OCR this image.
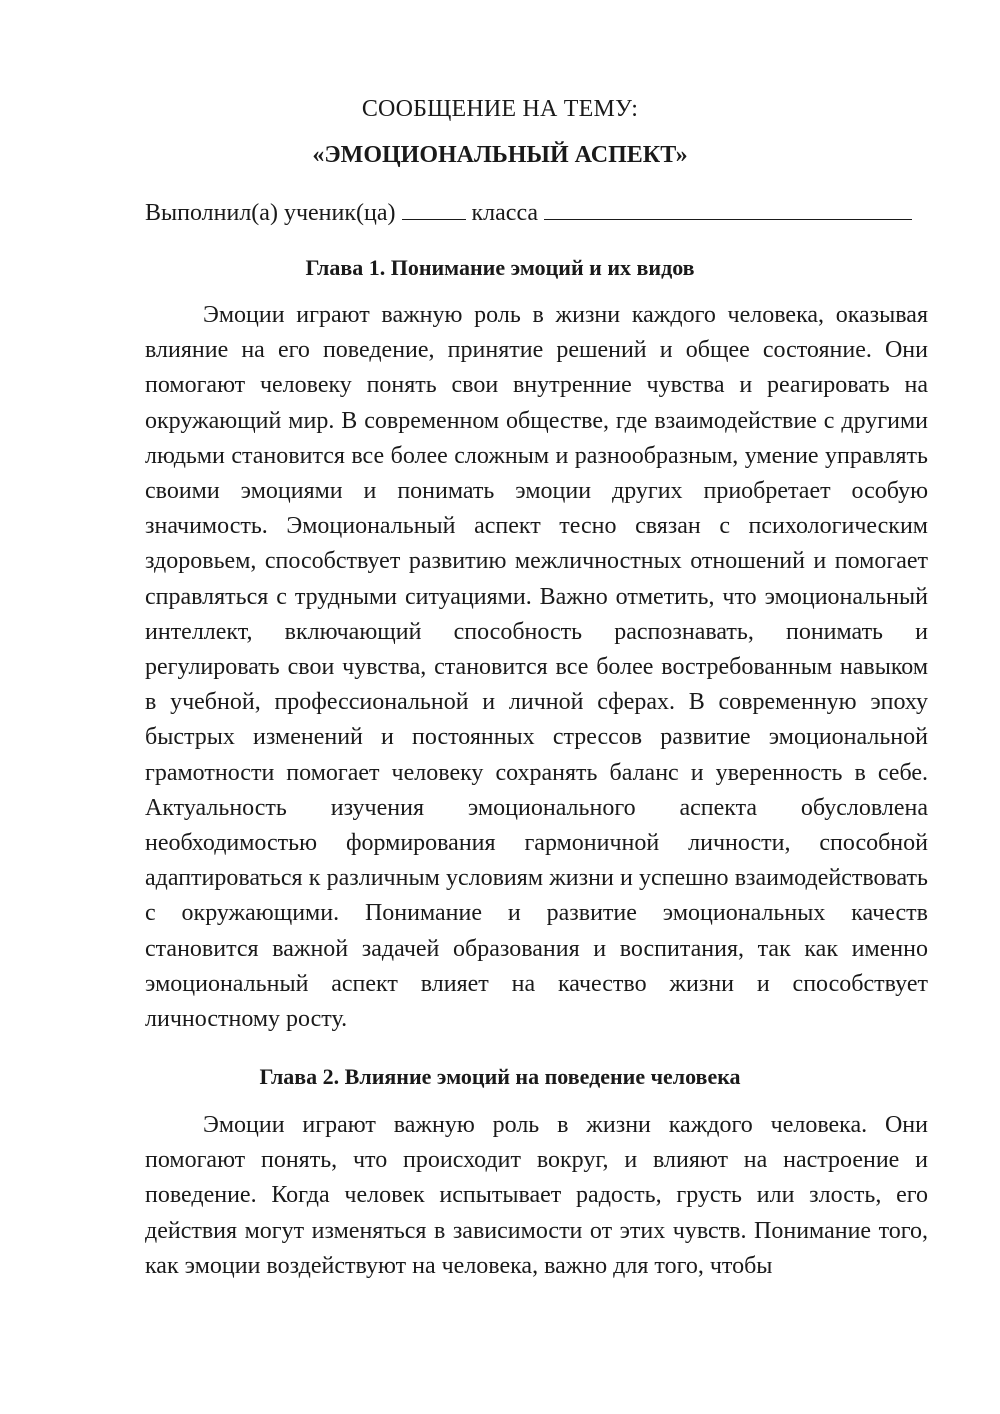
СООБЩЕНИЕ НА ТЕМУ:
«ЭМОЦИОНАЛЬНЫЙ АСПЕКТ»
Выполнил(а) ученик(ца)	класса
Глава 1. Понимание эмоций и их видов

Эмоции играют важную роль в жизни каждого человека, оказывая влияние на его поведение, принятие решений и общее состояние. Они помогают человеку понять свои внутренние чувства и реагировать на окружающий мир. В современном обществе, где взаимодействие с другими людьми становится все более сложным и разнообразным, умение управлять своими эмоциями и понимать эмоции других приобретает особую значимость. Эмоциональный аспект тесно связан с психологическим здоровьем, способствует развитию межличностных отношений и помогает справляться с трудными ситуациями. Важно отметить, что эмоциональный интеллект, включающий способность распознавать, понимать и регулировать свои чувства, становится все более востребованным навыком в учебной, профессиональной и личной сферах. В современную эпоху быстрых изменений и постоянных стрессов развитие эмоциональной грамотности помогает человеку сохранять баланс и уверенность в себе. Актуальность изучения эмоционального аспекта обусловлена необходимостью формирования гармоничной личности, способной адаптироваться к различным условиям жизни и успешно взаимодействовать с окружающими. Понимание и развитие эмоциональных качеств становится важной задачей образования и воспитания, так как именно эмоциональный аспект влияет на качество жизни и способствует личностному росту.

Глава 2. Влияние эмоций на поведение человека

Эмоции играют важную роль в жизни каждого человека. Они помогают понять, что происходит вокруг, и влияют на настроение и поведение. Когда человек испытывает радость, грусть или злость, его действия могут изменяться в зависимости от этих чувств. Понимание того, как эмоции воздействуют на человека, важно для того, чтобы
